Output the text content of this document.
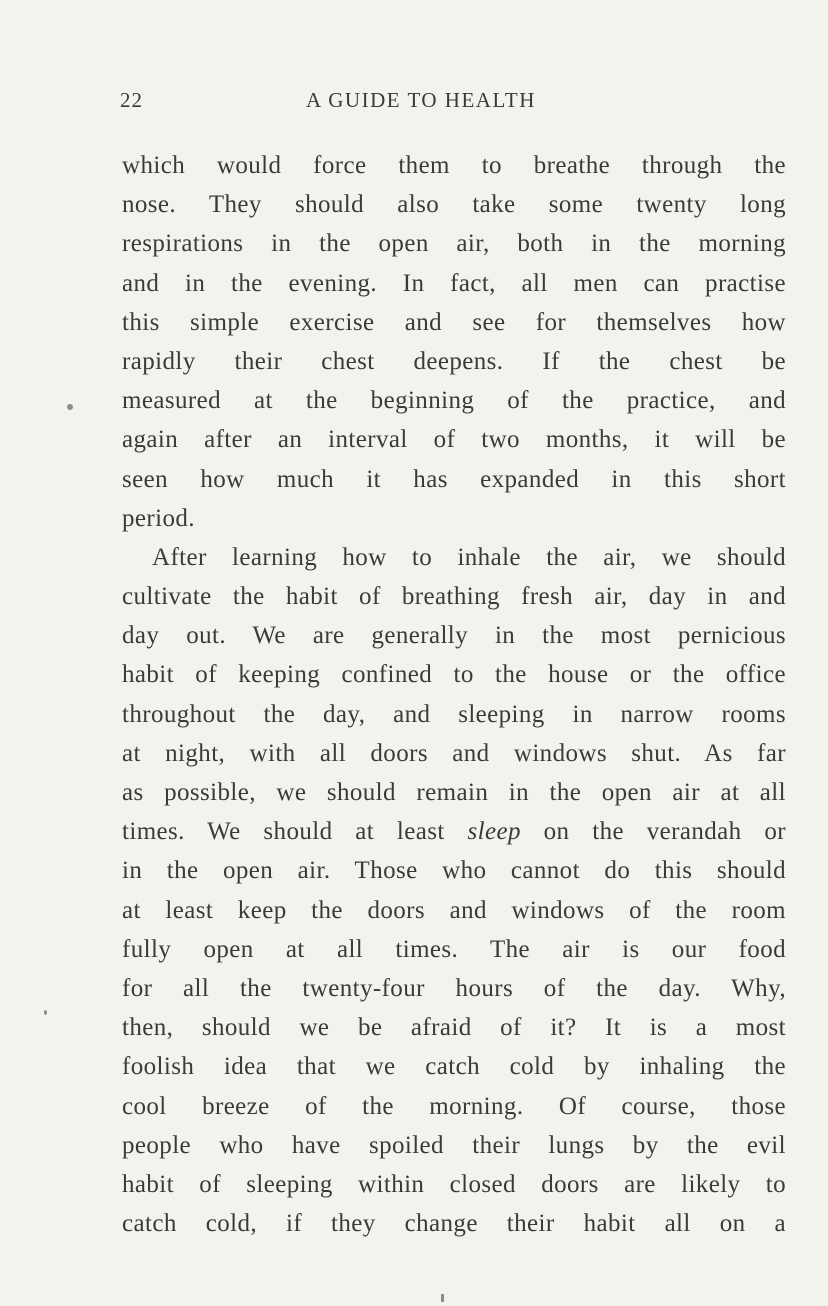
22	A GUIDE TO HEALTH
which would force them to breathe through the
nose. They should also take some twenty long
respirations in the open air, both in the morning
and in the evening. In fact, all men can practise
this simple exercise and see for themselves how
rapidly their chest deepens. If the chest be
measured at the beginning of the practice, and
again after an interval of two months, it will be
seen how much it has expanded in this short
period.
After learning how to inhale the air, we should
cultivate the habit of breathing fresh air, day in and
day out. We are generally in the most pernicious
habit of keeping confined to the house or the office
throughout the day, and sleeping in narrow rooms
at night, with all doors and windows shut. As far
as possible, we should remain in the open air at all
times. We should at least sleep on the verandah or
in the open air. Those who cannot do this should
at least keep the doors and windows of the room
fully open at all times. The air is our food
for all the twenty-four hours of the day. Why,
then, should we be afraid of it? It is a most
foolish idea that we catch cold by inhaling the
cool breeze of the morning. Of course, those
people who have spoiled their lungs by the evil
habit of sleeping within closed doors are likely to
catch cold, if they change their habit all on a
